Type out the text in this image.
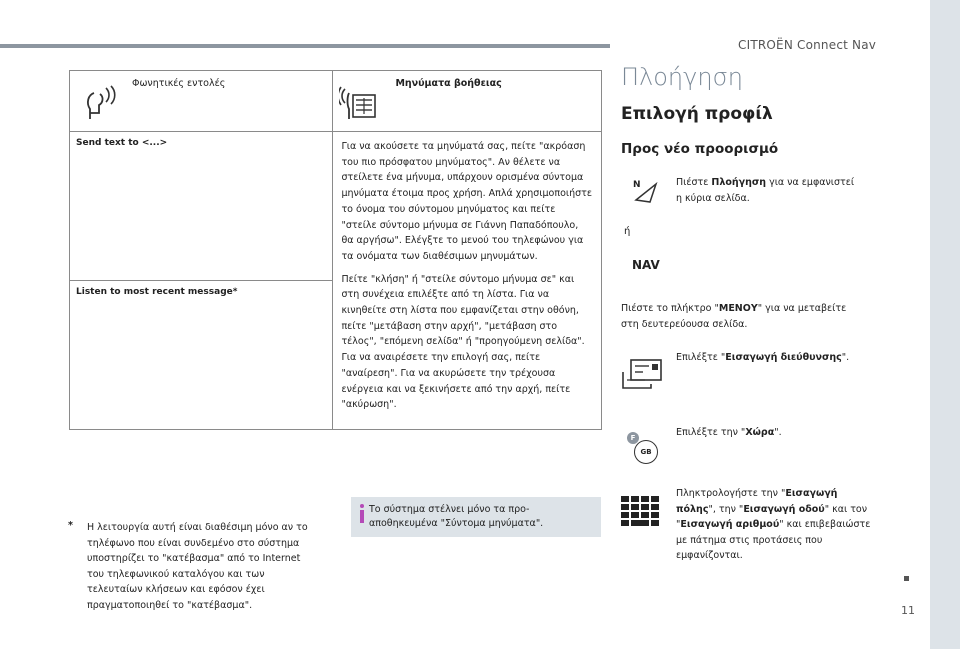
CITROËN Connect Nav
11
Φωνητικές εντολές	Μηνύματα βοήθειας

Send text to <...>	Για να ακούσετε τα μηνύματά σας, πείτε "ακρόαση του πιο πρόσφατου μηνύματος". Αν θέλετε να στείλετε ένα μήνυμα, υπάρχουν ορισμένα σύντομα μηνύματα έτοιμα προς χρήση. Απλά χρησιμοποιήστε το όνομα του σύντομου μηνύματος και πείτε "στείλε σύντομο μήνυμα σε Γιάννη Παπαδόπουλο, θα αργήσω". Ελέγξτε το μενού του τηλεφώνου για τα ονόματα των διαθέσιμων μηνυμάτων.
Πείτε "κλήση" ή "στείλε σύντομο μήνυμα σε" και στη συνέχεια επιλέξτε από τη λίστα. Για να κινηθείτε στη λίστα που εμφανίζεται στην οθόνη, πείτε "μετάβαση στην αρχή", "μετάβαση στο τέλος", "επόμενη σελίδα" ή "προηγούμενη σελίδα". Για να αναιρέσετε την επιλογή σας, πείτε "αναίρεση". Για να ακυρώσετε την τρέχουσα ενέργεια και να ξεκινήσετε από την αρχή, πείτε "ακύρωση".

Listen to most recent message*	
* Η λειτουργία αυτή είναι διαθέσιμη μόνο αν το τηλέφωνο που είναι συνδεμένο στο σύστημα υποστηρίζει το "κατέβασμα" από το Internet του τηλεφωνικού καταλόγου και των τελευταίων κλήσεων και εφόσον έχει πραγματοποιηθεί το "κατέβασμα".
Το σύστημα στέλνει μόνο τα προ-αποθηκευμένα "Σύντομα μηνύματα".
Πλοήγηση
Επιλογή προφίλ
Προς νέο προορισμό
N	Πιέστε Πλοήγηση για να εμφανιστεί η κύρια σελίδα.
ή
NAV
Πιέστε το πλήκτρο "ΜΕΝΟΥ" για να μεταβείτε στη δευτερεύουσα σελίδα.
Επιλέξτε "Εισαγωγή διεύθυνσης".
F
GB
Επιλέξτε την "Χώρα".
Πληκτρολογήστε την "Εισαγωγή πόλης", την "Εισαγωγή οδού" και τον "Εισαγωγή αριθμού" και επιβεβαιώστε με πάτημα στις προτάσεις που εμφανίζονται.
